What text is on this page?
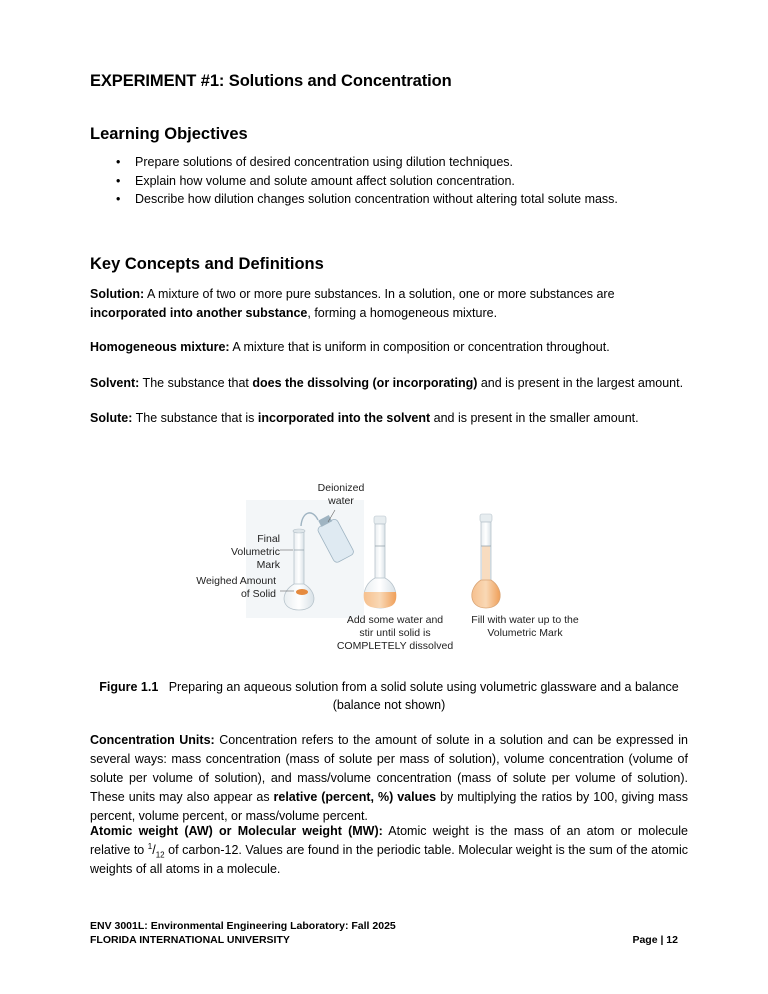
EXPERIMENT #1: Solutions and Concentration
Learning Objectives
• Prepare solutions of desired concentration using dilution techniques.
• Explain how volume and solute amount affect solution concentration.
• Describe how dilution changes solution concentration without altering total solute mass.
Key Concepts and Definitions

Solution: A mixture of two or more pure substances. In a solution, one or more substances are incorporated into another substance, forming a homogeneous mixture.

Homogeneous mixture: A mixture that is uniform in composition or concentration throughout.

Solvent: The substance that does the dissolving (or incorporating) and is present in the largest amount.

Solute: The substance that is incorporated into the solvent and is present in the smaller amount.

Deionized
water
Final Volumetric
Mark
Weighed Amount
of Solid
Add some water and
stir until solid is
COMPLETELY dissolved
Fill with water up to the
Volumetric Mark
Figure 1.1 Preparing an aqueous solution from a solid solute using volumetric glassware and a balance (balance not shown)

Concentration Units: Concentration refers to the amount of solute in a solution and can be expressed in several ways: mass concentration (mass of solute per mass of solution), volume concentration (volume of solute per volume of solution), and mass/volume concentration (mass of solute per volume of solution). These units may also appear as relative (percent, %) values by multiplying the ratios by 100, giving mass percent, volume percent, or mass/volume percent.

Atomic weight (AW) or Molecular weight (MW): Atomic weight is the mass of an atom or molecule relative to $^1/_{12}$ of carbon-12. Values are found in the periodic table. Molecular weight is the sum of the atomic weights of all atoms in a molecule.

ENV 3001L: Environmental Engineering Laboratory: Fall 2025
FLORIDA INTERNATIONAL UNIVERSITY	Page | 12
